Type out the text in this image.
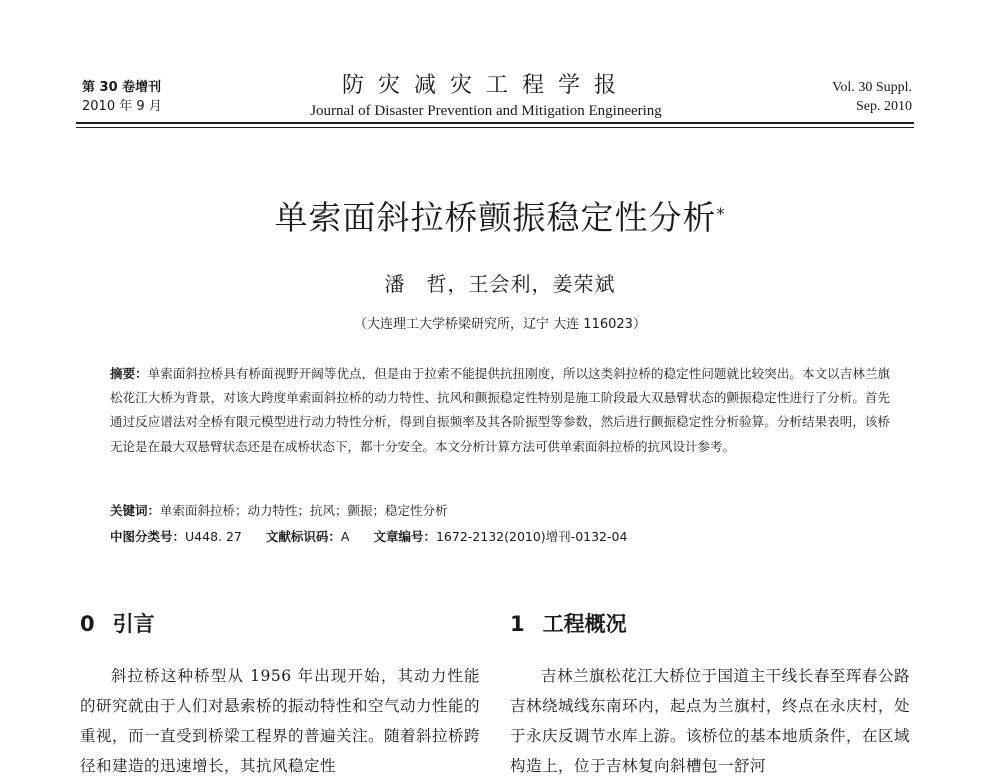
第 30 卷增刊
2010 年 9 月
防灾减灾工程学报
Journal of Disaster Prevention and Mitigation Engineering
Vol. 30 Suppl.
Sep. 2010
单索面斜拉桥颤振稳定性分析*
潘　哲，王会利，姜荣斌
（大连理工大学桥梁研究所，辽宁 大连 116023）
摘要：单索面斜拉桥具有桥面视野开阔等优点，但是由于拉索不能提供抗扭刚度，所以这类斜拉桥的稳定性问题就比较突出。本文以吉林兰旗松花江大桥为背景，对该大跨度单索面斜拉桥的动力特性、抗风和颤振稳定性特别是施工阶段最大双悬臂状态的颤振稳定性进行了分析。首先通过反应谱法对全桥有限元模型进行动力特性分析，得到自振频率及其各阶振型等参数，然后进行颤振稳定性分析验算。分析结果表明，该桥无论是在最大双悬臂状态还是在成桥状态下，都十分安全。本文分析计算方法可供单索面斜拉桥的抗风设计参考。
关键词：单索面斜拉桥；动力特性；抗风；颤振；稳定性分析
中图分类号：U448. 27 文献标识码：A 文章编号：1672-2132(2010)增刊-0132-04
0 引言

斜拉桥这种桥型从 1956 年出现开始，其动力性能的研究就由于人们对悬索桥的振动特性和空气动力性能的重视，而一直受到桥梁工程界的普遍关注。随着斜拉桥跨径和建造的迅速增长，其抗风稳定性

1 工程概况

吉林兰旗松花江大桥位于国道主干线长春至珲春公路吉林绕城线东南环内，起点为兰旗村，终点在永庆村，处于永庆反调节水库上游。该桥位的基本地质条件，在区域构造上，位于吉林复向斜槽包一舒河
